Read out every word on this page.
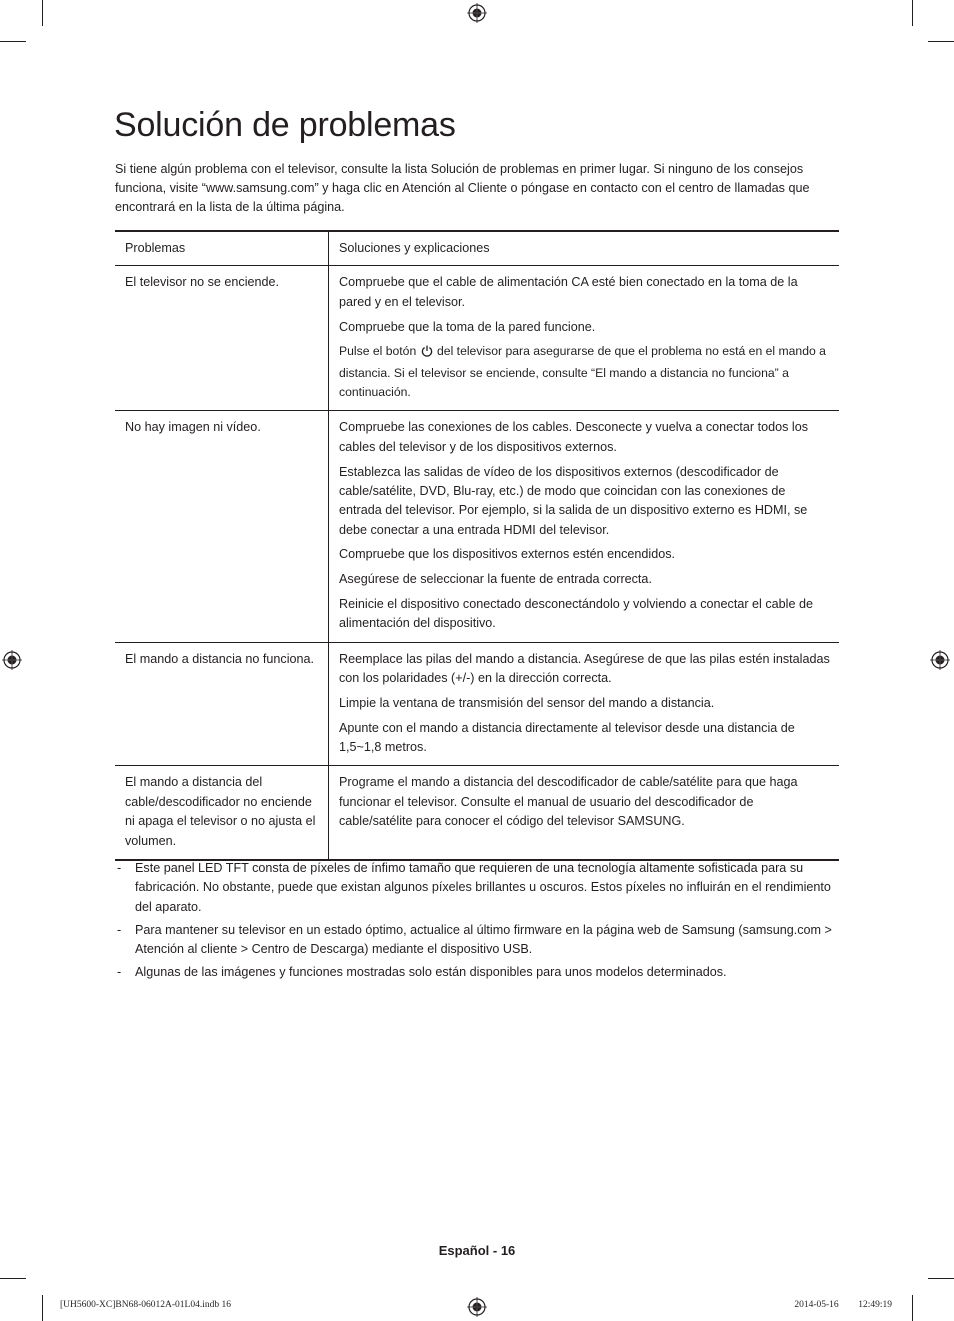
Solución de problemas

Si tiene algún problema con el televisor, consulte la lista Solución de problemas en primer lugar. Si ninguno de los consejos funciona, visite “www.samsung.com” y haga clic en Atención al Cliente o póngase en contacto con el centro de llamadas que encontrará en la lista de la última página.

Problemas	Soluciones y explicaciones
El televisor no se enciende.	Compruebe que el cable de alimentación CA esté bien conectado en la toma de la pared y en el televisor.

Compruebe que la toma de la pared funcione.

Pulse el botón del televisor para asegurarse de que el problema no está en el mando a distancia. Si el televisor se enciende, consulte “El mando a distancia no funciona” a continuación.

No hay imagen ni vídeo.	Compruebe las conexiones de los cables. Desconecte y vuelva a conectar todos los cables del televisor y de los dispositivos externos.

Establezca las salidas de vídeo de los dispositivos externos (descodificador de cable/satélite, DVD, Blu-ray, etc.) de modo que coincidan con las conexiones de entrada del televisor. Por ejemplo, si la salida de un dispositivo externo es HDMI, se debe conectar a una entrada HDMI del televisor.

Compruebe que los dispositivos externos estén encendidos.

Asegúrese de seleccionar la fuente de entrada correcta.

Reinicie el dispositivo conectado desconectándolo y volviendo a conectar el cable de alimentación del dispositivo.

El mando a distancia no funciona.	Reemplace las pilas del mando a distancia. Asegúrese de que las pilas estén instaladas con los polaridades (+/-) en la dirección correcta.

Limpie la ventana de transmisión del sensor del mando a distancia.

Apunte con el mando a distancia directamente al televisor desde una distancia de 1,5~1,8 metros.

El mando a distancia del cable/descodificador no enciende ni apaga el televisor o no ajusta el volumen.	Programe el mando a distancia del descodificador de cable/satélite para que haga funcionar el televisor. Consulte el manual de usuario del descodificador de cable/satélite para conocer el código del televisor SAMSUNG.

- Este panel LED TFT consta de píxeles de ínfimo tamaño que requieren de una tecnología altamente sofisticada para su fabricación. No obstante, puede que existan algunos píxeles brillantes u oscuros. Estos píxeles no influirán en el rendimiento del aparato.
- Para mantener su televisor en un estado óptimo, actualice al último firmware en la página web de Samsung (samsung.com > Atención al cliente > Centro de Descarga) mediante el dispositivo USB.
- Algunas de las imágenes y funciones mostradas solo están disponibles para unos modelos determinados.
Español - 16
[UH5600-XC]BN68-06012A-01L04.indb 16	2014-05-16 ￿￿ 12:49:19
